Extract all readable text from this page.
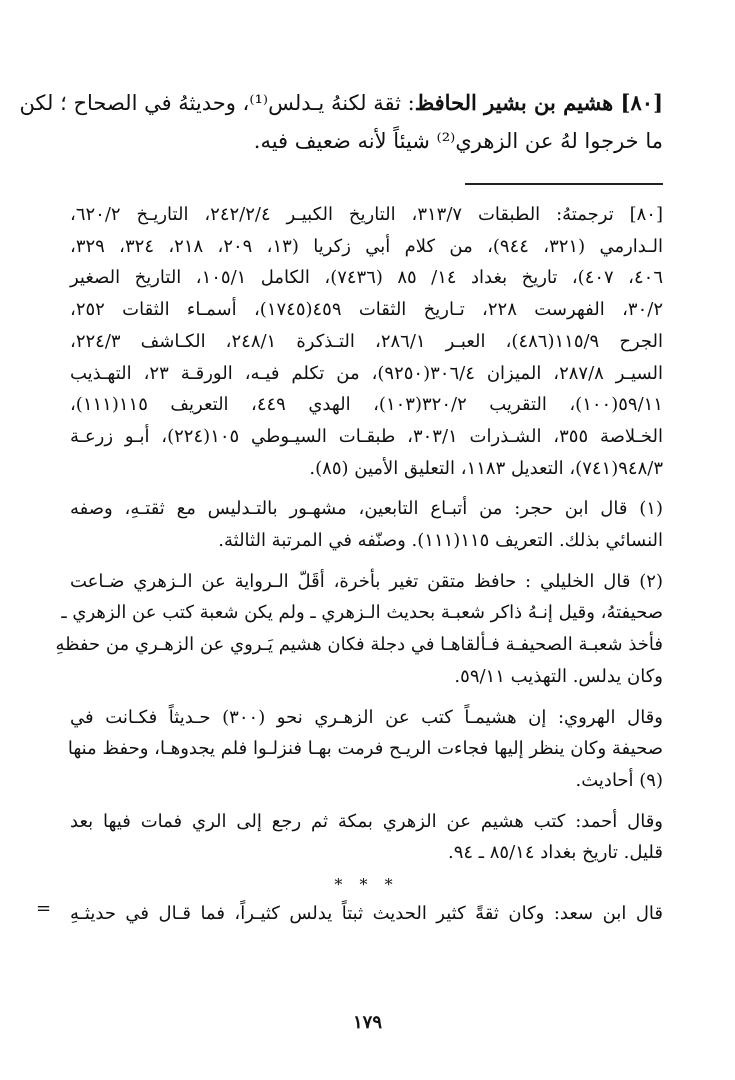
[٨٠] هشيم بن بشير الحافظ: ثقة لكنهُ يـدلس⁽¹⁾، وحديثهُ في الصحاح ؛ لكن

ما خرجوا لهُ عن الزهري⁽²⁾ شيئاً لأنه ضعيف فيه.

[٨٠] ترجمتهُ: الطبقات ٣١٣/٧، التاريخ الكبيـر ٢٤٢/٢/٤، التاريـخ ٦٢٠/٢،

الـدارمي (٣٢١، ٩٤٤)، من كلام أبي زكريا (١٣، ٢٠٩، ٢١٨، ٣٢٤، ٣٢٩،

٤٠٦، ٤٠٧)، تاريخ بغداد ١٤/ ٨٥ (٧٤٣٦)، الكامل ١٠٥/١، التاريخ الصغير

٣٠/٢، الفهرست ٢٢٨، تـاريخ الثقات ٤٥٩(١٧٤٥)، أسمـاء الثقات ٢٥٢،

الجرح ١١٥/٩(٤٨٦)، العبـر ٢٨٦/١، التـذكرة ٢٤٨/١، الكـاشف ٢٢٤/٣،

السيـر ٢٨٧/٨، الميزان ٣٠٦/٤(٩٢٥٠)، من تكلم فيـه، الورقـة ٢٣، التهـذيب

٥٩/١١(١٠٠)، التقريب ٣٢٠/٢(١٠٣)، الهدي ٤٤٩، التعريف ١١٥(١١١)،

الخـلاصة ٣٥٥، الشـذرات ٣٠٣/١، طبقـات السيـوطي ١٠٥(٢٢٤)، أبـو زرعـة

٩٤٨/٣(٧٤١)، التعديل ١١٨٣، التعليق الأمين (٨٥).

(١) قال ابن حجر: من أتبـاع التابعين، مشهـور بالتـدليس مع ثقتـهِ، وصفه

النسائي بذلك. التعريف ١١٥(١١١). وصنّفه في المرتبة الثالثة.

(٢) قال الخليلي : حافظ متقن تغير بأخرة، أقَلّ الـرواية عن الـزهري ضـاعت

صحيفتهُ، وقيل إنـهُ ذاكر شعبـة بحديث الـزهري ـ ولم يكن شعبة كتب عن الزهري ـ

فأخذ شعبـة الصحيفـة فـألقاهـا في دجلة فكان هشيم يَـروي عن الزهـري من حفظهِ

وكان يدلس. التهذيب ٥٩/١١.

وقال الهروي: إن هشيمـاً كتب عن الزهـري نحو (٣٠٠) حـديثاً فكـانت في

صحيفة وكان ينظر إليها فجاءت الريـح فرمت بهـا فنزلـوا فلم يجدوهـا، وحفظ منها

(٩) أحاديث.

وقال أحمد: كتب هشيم عن الزهري بمكة ثم رجع إلى الري فمات فيها بعد

قليل. تاريخ بغداد ٨٥/١٤ ـ ٩٤.

* * *

قال ابن سعد: وكان ثقةً كثير الحديث ثبتاً يدلس كثيـراً، فما قـال في حديثـهِ

=
١٧٩
